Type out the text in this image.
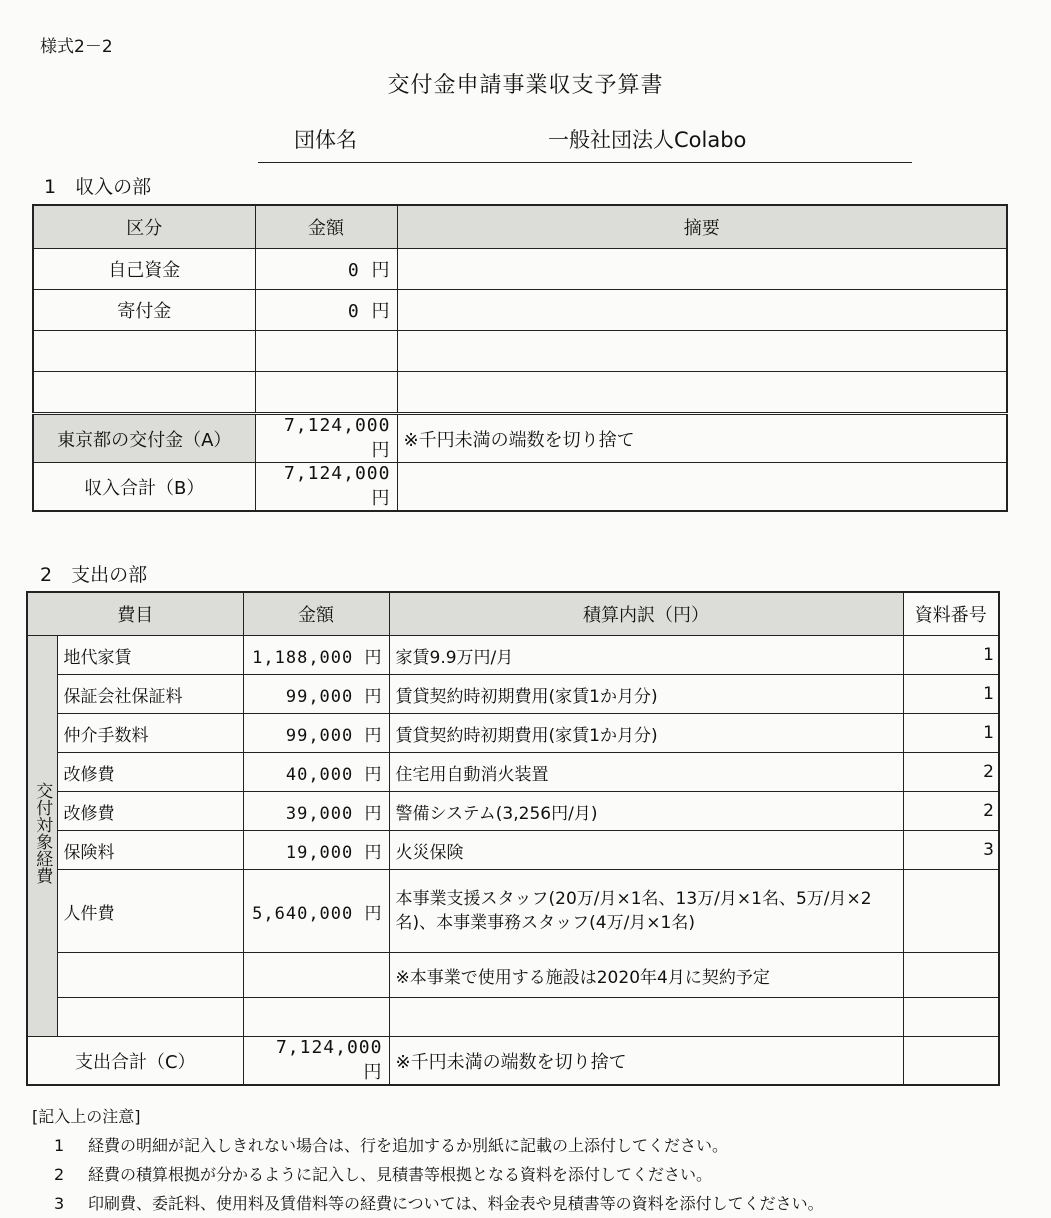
様式2－2
交付金申請事業収支予算書
団体名	一般社団法人Colabo
1　収入の部
区分	金額	摘要
自己資金	0 円	
寄付金	0 円	

東京都の交付金（A）	7,124,000 円	※千円未満の端数を切り捨て
収入合計（B）	7,124,000 円	
2　支出の部
費目		金額	積算内訳（円）	資料番号
交付対象経費	地代家賃	1,188,000 円	家賃9.9万円/月	1
	保証会社保証料	99,000 円	賃貸契約時初期費用(家賃1か月分)	1
	仲介手数料	99,000 円	賃貸契約時初期費用(家賃1か月分)	1
	改修費	40,000 円	住宅用自動消火装置	2
	改修費	39,000 円	警備システム(3,256円/月)	2
	保険料	19,000 円	火災保険	3
	人件費	5,640,000 円	本事業支援スタッフ(20万/月×1名、13万/月×1名、5万/月×2名)、本事業事務スタッフ(4万/月×1名)	
			※本事業で使用する施設は2020年4月に契約予定	

支出合計（C）		7,124,000 円	※千円未満の端数を切り捨て	
[記入上の注意]
1 経費の明細が記入しきれない場合は、行を追加するか別紙に記載の上添付してください。
2 経費の積算根拠が分かるように記入し、見積書等根拠となる資料を添付してください。
3 印刷費、委託料、使用料及賃借料等の経費については、料金表や見積書等の資料を添付してください。
